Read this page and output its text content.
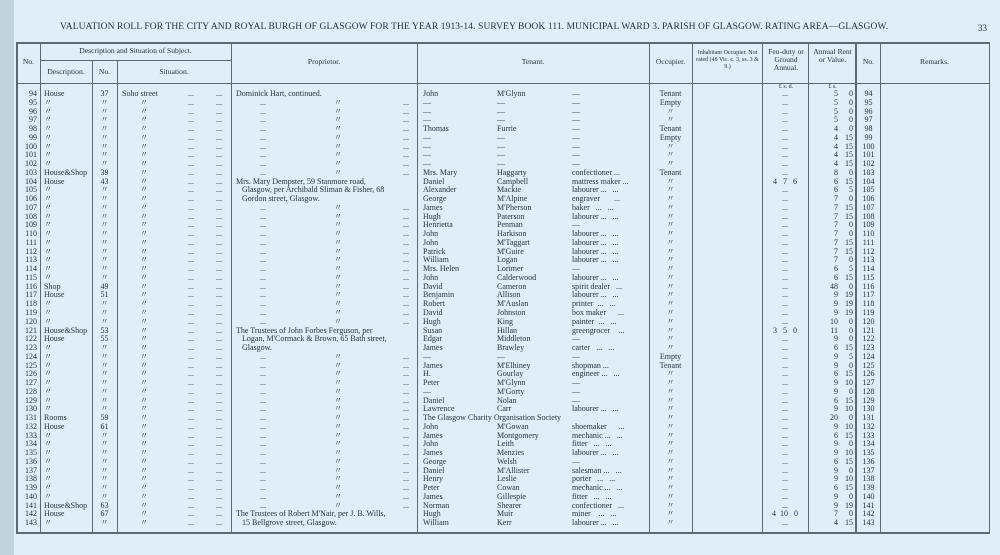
VALUATION ROLL FOR THE CITY AND ROYAL BURGH OF GLASGOW FOR THE YEAR 1913-14. SURVEY BOOK 111. MUNICIPAL WARD 3. PARISH OF GLASGOW. RATING AREA—GLASGOW.	33
No.
Description and Situation of Subject.
Description.	No.	Situation.
Proprietor.	Tenant.	Occupier.
Inhabitant Occupier. Not rated (48 Vic. c. 3, ss. 3 & 9.)
Feu-duty or Ground Annual.
Annual Rent or Value.	No.	Remarks.
£ s. d.	£ s.
94 House	37	Soho street	...	... Dominick Hart, continued.	John	M'Glynn	—	Tenant	...	5	0	94
95 〃	〃	〃	...	...	...	〃	... —	—	—	Empty	...	5	0	95
96 〃	〃	〃	...	...	...	〃	... —	—	—	〃	...	5	0	96
97 〃	〃	〃	...	...	...	〃	... —	—	—	〃	...	5	0	97
98 〃	〃	〃	...	...	...	〃	... Thomas	Furrie	—	Tenant	...	4	0	98
99 〃	〃	〃	...	...	...	〃	... —	—	—	Empty	...	4 15	99
100 〃	〃	〃	...	...	...	〃	... —	—	—	〃	...	4 15	100
101 〃	〃	〃	...	...	...	〃	... —	—	—	〃	...	4 15	101
102 〃	〃	〃	...	...	...	〃	... —	—	—	〃	...	4 15	102
103 House&Shop	39	〃	...	...	...	〃	... Mrs. Mary	Haggarty	confectioner ...	Tenant	...	8	0	103
104 House	43	〃	...	... Mrs. Mary Dempster, 59 Stanmore road,	Daniel	Campbell	mattress maker ...	〃	4   7   6	6 15	104
105 〃	〃	〃	...	... Glasgow, per Archibald Sliman & Fisher, 68	Alexander	Mackie	labourer ...   ...	〃	...	6	5	105
106 〃	〃	〃	...	... Gordon street, Glasgow.	George	M'Alpine	engraver       ...	〃	...	7	0	106
107 〃	〃	〃	...	...	...	〃	... James	M'Pherson	baker   ...   ...	〃	...	7 15	107
108 〃	〃	〃	...	...	...	〃	... Hugh	Paterson	labourer ...   ...	〃	...	7 15	108
109 〃	〃	〃	...	...	...	〃	... Henrietta	Penman	—	〃	...	7	0	109
110 〃	〃	〃	...	...	...	〃	... John	Harkison	labourer ...   ...	〃	...	7	0	110
111 〃	〃	〃	...	...	...	〃	... John	M'Taggart	labourer ...   ...	〃	...	7 15	111
112 〃	〃	〃	...	...	...	〃	... Patrick	M'Guire	labourer ...   ...	〃	...	7 15	112
113 〃	〃	〃	...	...	...	〃	... William	Logan	labourer ...   ...	〃	...	7	0	113
114 〃	〃	〃	...	...	...	〃	... Mrs. Helen	Lorimer	—	〃	...	6	5	114
115 〃	〃	〃	...	...	...	〃	... John	Calderwood	labourer ...   ...	〃	...	6 15	115
116 Shop	49	〃	...	...	...	〃	... David	Cameron	spirit dealer   ...	〃	...	48	0	116
117 House	51	〃	...	...	...	〃	... Benjamin	Allison	labourer ...   ...	〃	...	9 19	117
118 〃	〃	〃	...	...	...	〃	... Robert	M'Auslan	printer  ...   ...	〃	...	9 19	118
119 〃	〃	〃	...	...	...	〃	... David	Johnston	box maker      ...	〃	...	9 19	119
120 〃	〃	〃	...	...	...	〃	... Hugh	King	painter  ...   ...	〃	...	10	0	120
121 House&Shop	53	〃	...	... The Trustees of John Forbes Ferguson, per	Susan	Hillan	greengrocer    ...	〃	3   5   0	11	0	121
122 House	55	〃	...	... Logan, M'Cormack & Brown, 65 Bath street,	Edgar	Middleton	—	〃	...	9	0	122
123 〃	〃	〃	...	... Glasgow.	James	Brawley	carter   ...   ...	〃	...	6 15	123
124 〃	〃	〃	...	...	...	〃	... —	—	—	Empty	...	9	5	124
125 〃	〃	〃	...	...	...	〃	... James	M'Elhiney	shopman ...	Tenant	...	9	0	125
126 〃	〃	〃	...	...	...	〃	... H.	Gourlay	engineer ...   ...	〃	...	6 15	126
127 〃	〃	〃	...	...	...	〃	... Peter	M'Glynn	—	〃	...	9 10	127
128 〃	〃	〃	...	...	...	〃	... —	M'Gorty	—	〃	...	9	0	128
129 〃	〃	〃	...	...	...	〃	... Daniel	Nolan	—	〃	...	6 15	129
130 〃	〃	〃	...	...	...	〃	... Lawrence	Carr	labourer ...   ...	〃	...	9 10	130
131 Rooms	59	〃	...	...	...	〃	... The Glasgow Charity Organisation Society	〃	...	20	0	131
132 House	61	〃	...	...	...	〃	... John	M'Gowan	shoemaker      ...	〃	...	9 10	132
133 〃	〃	〃	...	...	...	〃	... James	Montgomery	mechanic ...   ...	〃	...	6 15	133
134 〃	〃	〃	...	...	...	〃	... John	Leith	fitter   ...   ...	〃	...	9	0	134
135 〃	〃	〃	...	...	...	〃	... James	Menzies	labourer ...   ...	〃	...	9 10	135
136 〃	〃	〃	...	...	...	〃	... George	Welsh	—	〃	...	6 15	136
137 〃	〃	〃	...	...	...	〃	... Daniel	M'Allister	salesman ...   ...	〃	...	9	0	137
138 〃	〃	〃	...	...	...	〃	... Henry	Leslie	porter   ...   ...	〃	...	9 10	138
139 〃	〃	〃	...	...	...	〃	... Peter	Cowan	mechanic ...   ...	〃	...	6 15	139
140 〃	〃	〃	...	...	...	〃	... James	Gillespie	fitter   ...   ...	〃	...	9	0	140
141 House&Shop	63	〃	...	...	...	〃	... Norman	Shearer	confectioner   ...	〃	...	9 19	141
142 House	67	〃	...	... The Trustees of Robert M'Nair, per J. B. Wills,	Hugh	Muir	miner    ...   ...	〃	4  10   0	7	0	142
143 〃	〃	〃	...	... 15 Bellgrove street, Glasgow.	William	Kerr	labourer ...   ...	〃	...	4 15	143
